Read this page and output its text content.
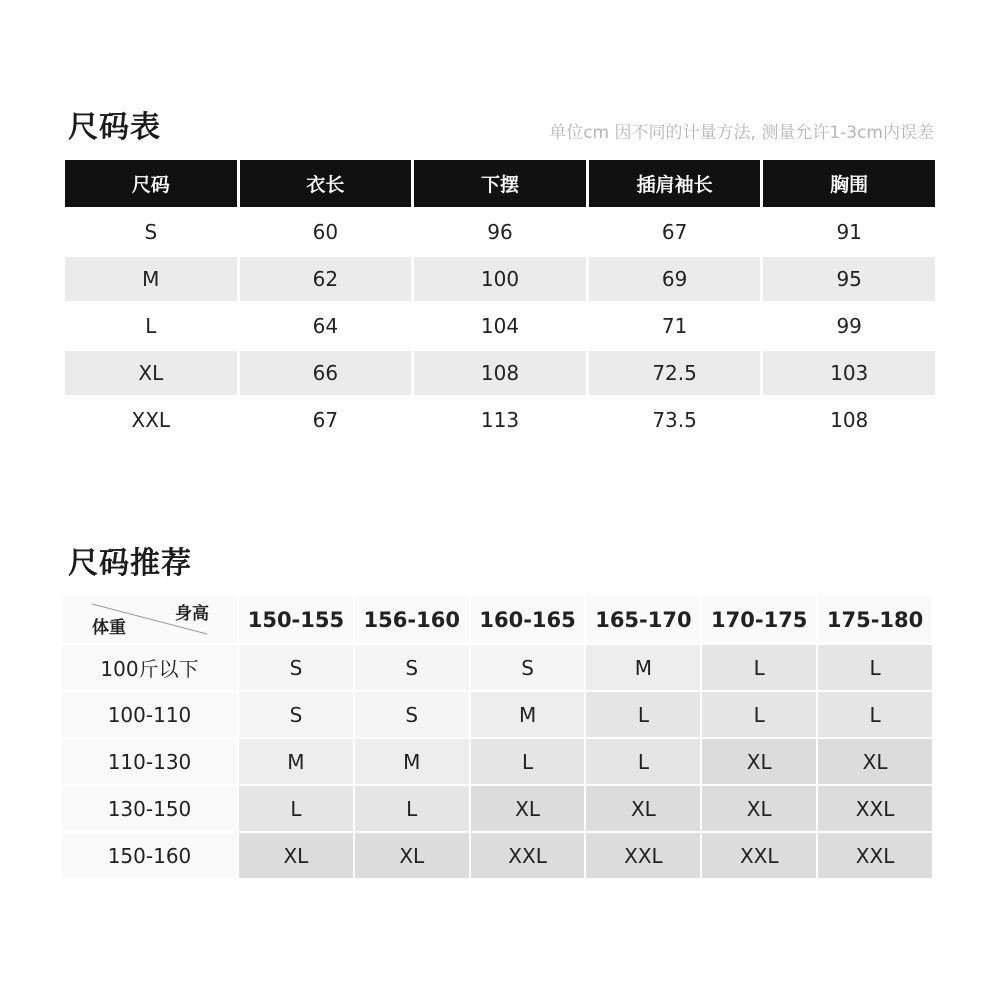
尺码表	单位cm 因不同的计量方法, 测量允许1-3cm内误差
尺码	衣长	下摆	插肩袖长	胸围
S	60	96	67	91
M	62	100	69	95
L	64	104	71	99
XL	66	108	72.5	103
XXL	67	113	73.5	108
尺码推荐
身高
体重	150-155	156-160	160-165	165-170	170-175	175-180
100斤以下	S	S	S	M	L	L
100-110	S	S	M	L	L	L
110-130	M	M	L	L	XL	XL
130-150	L	L	XL	XL	XL	XXL
150-160	XL	XL	XXL	XXL	XXL	XXL
